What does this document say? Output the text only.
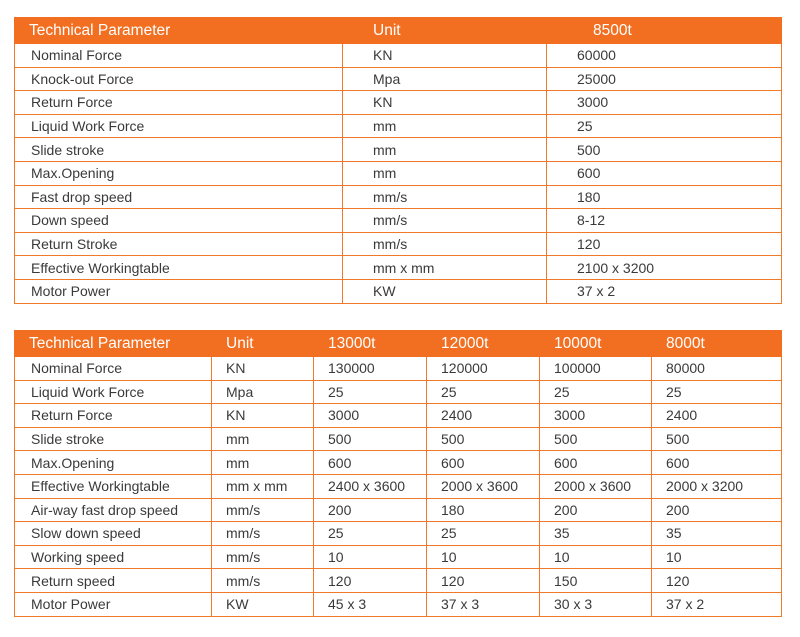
Technical Parameter	Unit	8500t
Nominal Force	KN	60000
Knock-out Force	Mpa	25000
Return Force	KN	3000
Liquid Work Force	mm	25
Slide stroke	mm	500
Max.Opening	mm	600
Fast drop speed	mm/s	180
Down speed	mm/s	8-12
Return Stroke	mm/s	120
Effective Workingtable	mm x mm	2100 x 3200
Motor Power	KW	37 x 2
Technical Parameter	Unit	13000t	12000t	10000t	8000t
Nominal Force	KN	130000	120000	100000	80000
Liquid Work Force	Mpa	25	25	25	25
Return Force	KN	3000	2400	3000	2400
Slide stroke	mm	500	500	500	500
Max.Opening	mm	600	600	600	600
Effective Workingtable	mm x mm	2400 x 3600	2000 x 3600	2000 x 3600	2000 x 3200
Air-way fast drop speed	mm/s	200	180	200	200
Slow down speed	mm/s	25	25	35	35
Working speed	mm/s	10	10	10	10
Return speed	mm/s	120	120	150	120
Motor Power	KW	45 x 3	37 x 3	30 x 3	37 x 2
